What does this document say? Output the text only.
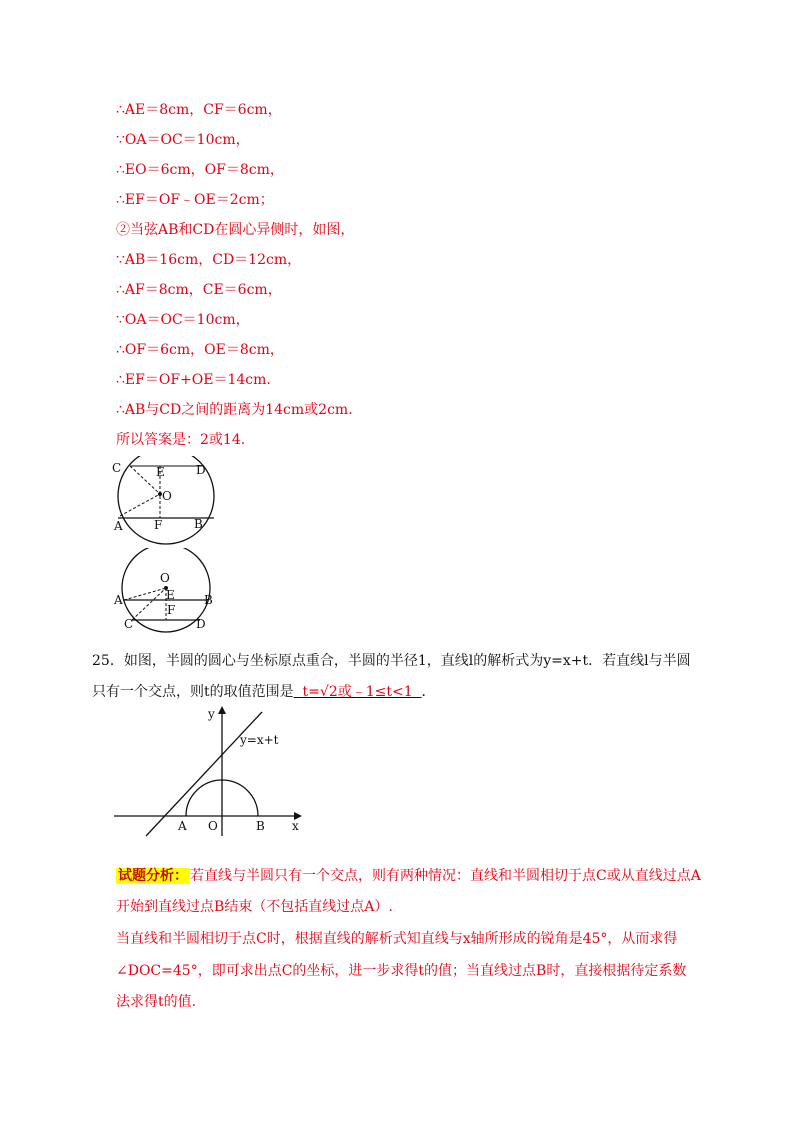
∴AE＝8cm，CF＝6cm，
∵OA＝OC＝10cm，
∴EO＝6cm，OF＝8cm，
∴EF＝OF﹣OE＝2cm；
②当弦AB和CD在圆心异侧时，如图，
∵AB＝16cm，CD＝12cm，
∴AF＝8cm，CE＝6cm，
∵OA＝OC＝10cm，
∴OF＝6cm，OE＝8cm，
∴EF＝OF+OE＝14cm.
∴AB与CD之间的距离为14cm或2cm.
所以答案是：2或14.
C	E	D
O
A	F	B
O
A	E B
F
C	D
25．如图，半圆的圆心与坐标原点重合，半圆的半径1，直线l的解析式为y=x+t．若直线l与半圆
只有一个交点，则t的取值范围是 t=√2或﹣1≤t<1 ．
y
y=x+t
A O	B x
试题分析： 若直线与半圆只有一个交点，则有两种情况：直线和半圆相切于点C或从直线过点A
开始到直线过点B结束（不包括直线过点A）.
当直线和半圆相切于点C时，根据直线的解析式知直线与x轴所形成的锐角是45°，从而求得
∠DOC=45°，即可求出点C的坐标，进一步求得t的值；当直线过点B时，直接根据待定系数
法求得t的值.
